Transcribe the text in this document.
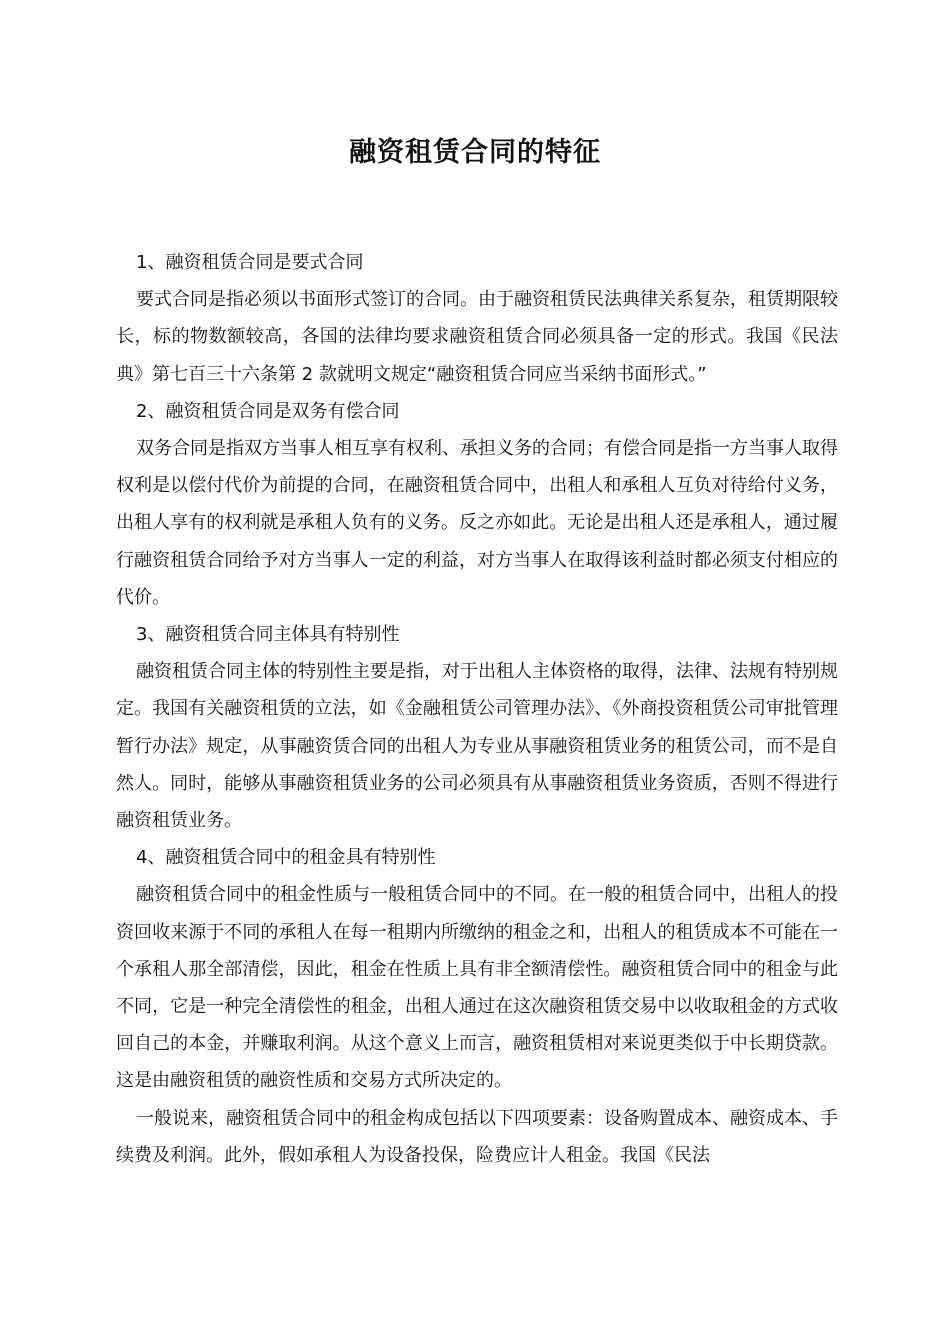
融资租赁合同的特征

1、融资租赁合同是要式合同

要式合同是指必须以书面形式签订的合同。由于融资租赁民法典律关系复杂，租赁期限较长，标的物数额较高，各国的法律均要求融资租赁合同必须具备一定的形式。我国《民法典》第七百三十六条第 2 款就明文规定“融资租赁合同应当采纳书面形式。”

2、融资租赁合同是双务有偿合同

双务合同是指双方当事人相互享有权利、承担义务的合同；有偿合同是指一方当事人取得权利是以偿付代价为前提的合同，在融资租赁合同中，出租人和承租人互负对待给付义务，出租人享有的权利就是承租人负有的义务。反之亦如此。无论是出租人还是承租人，通过履行融资租赁合同给予对方当事人一定的利益，对方当事人在取得该利益时都必须支付相应的代价。

3、融资租赁合同主体具有特别性

融资租赁合同主体的特别性主要是指，对于出租人主体资格的取得，法律、法规有特别规定。我国有关融资租赁的立法，如《金融租赁公司管理办法》、《外商投资租赁公司审批管理暂行办法》规定，从事融资赁合同的出租人为专业从事融资租赁业务的租赁公司，而不是自然人。同时，能够从事融资租赁业务的公司必须具有从事融资租赁业务资质，否则不得进行融资租赁业务。

4、融资租赁合同中的租金具有特别性

融资租赁合同中的租金性质与一般租赁合同中的不同。在一般的租赁合同中，出租人的投资回收来源于不同的承租人在每一租期内所缴纳的租金之和，出租人的租赁成本不可能在一个承租人那全部清偿，因此，租金在性质上具有非全额清偿性。融资租赁合同中的租金与此不同，它是一种完全清偿性的租金，出租人通过在这次融资租赁交易中以收取租金的方式收回自己的本金，并赚取利润。从这个意义上而言，融资租赁相对来说更类似于中长期贷款。这是由融资租赁的融资性质和交易方式所决定的。

一般说来，融资租赁合同中的租金构成包括以下四项要素：设备购置成本、融资成本、手续费及利润。此外，假如承租人为设备投保，险费应计人租金。我国《民法
